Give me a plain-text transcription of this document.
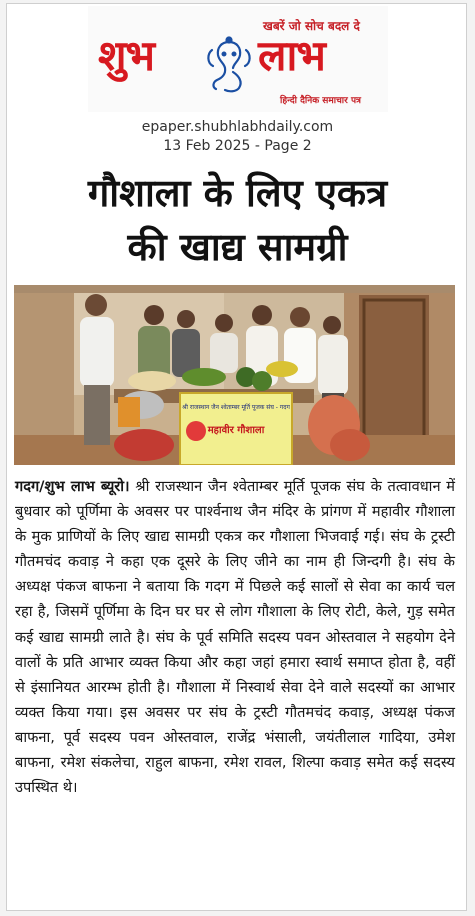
खबरें जो सोच बदल दे
शुभ लाभ
हिन्दी दैनिक समाचार पत्र
epaper.shubhlabhdaily.com
13 Feb 2025 - Page 2
गौशाला के लिए एकत्र
की खाद्य सामग्री
श्री राजस्थान जैन श्वेताम्बर मूर्ति पूजक संघ - गदग
महावीर गौशाला
गदग/शुभ लाभ ब्यूरो। श्री राजस्थान जैन श्वेताम्बर मूर्ति पूजक संघ के तत्वावधान में बुधवार को पूर्णिमा के अवसर पर पार्श्वनाथ जैन मंदिर के प्रांगण में महावीर गौशाला के मुक प्राणियों के लिए खाद्य सामग्री एकत्र कर गौशाला भिजवाई गई। संघ के ट्रस्टी गौतमचंद कवाड़ ने कहा एक दूसरे के लिए जीने का नाम ही जिन्दगी है। संघ के अध्यक्ष पंकज बाफना ने बताया कि गदग में पिछले कई सालों से सेवा का कार्य चल रहा है, जिसमें पूर्णिमा के दिन घर घर से लोग गौशाला के लिए रोटी, केले, गुड़ समेत कई खाद्य सामग्री लाते है। संघ के पूर्व समिति सदस्य पवन ओस्तवाल ने सहयोग देने वालों के प्रति आभार व्यक्त किया और कहा जहां हमारा स्वार्थ समाप्त होता है, वहीं से इंसानियत आरम्भ होती है। गौशाला में निस्वार्थ सेवा देने वाले सदस्यों का आभार व्यक्त किया गया। इस अवसर पर संघ के ट्रस्टी गौतमचंद कवाड़, अध्यक्ष पंकज बाफना, पूर्व सदस्य पवन ओस्तवाल, राजेंद्र भंसाली, जयंतीलाल गादिया, उमेश बाफना, रमेश संकलेचा, राहुल बाफना, रमेश रावल, शिल्पा कवाड़ समेत कई सदस्य उपस्थित थे।
